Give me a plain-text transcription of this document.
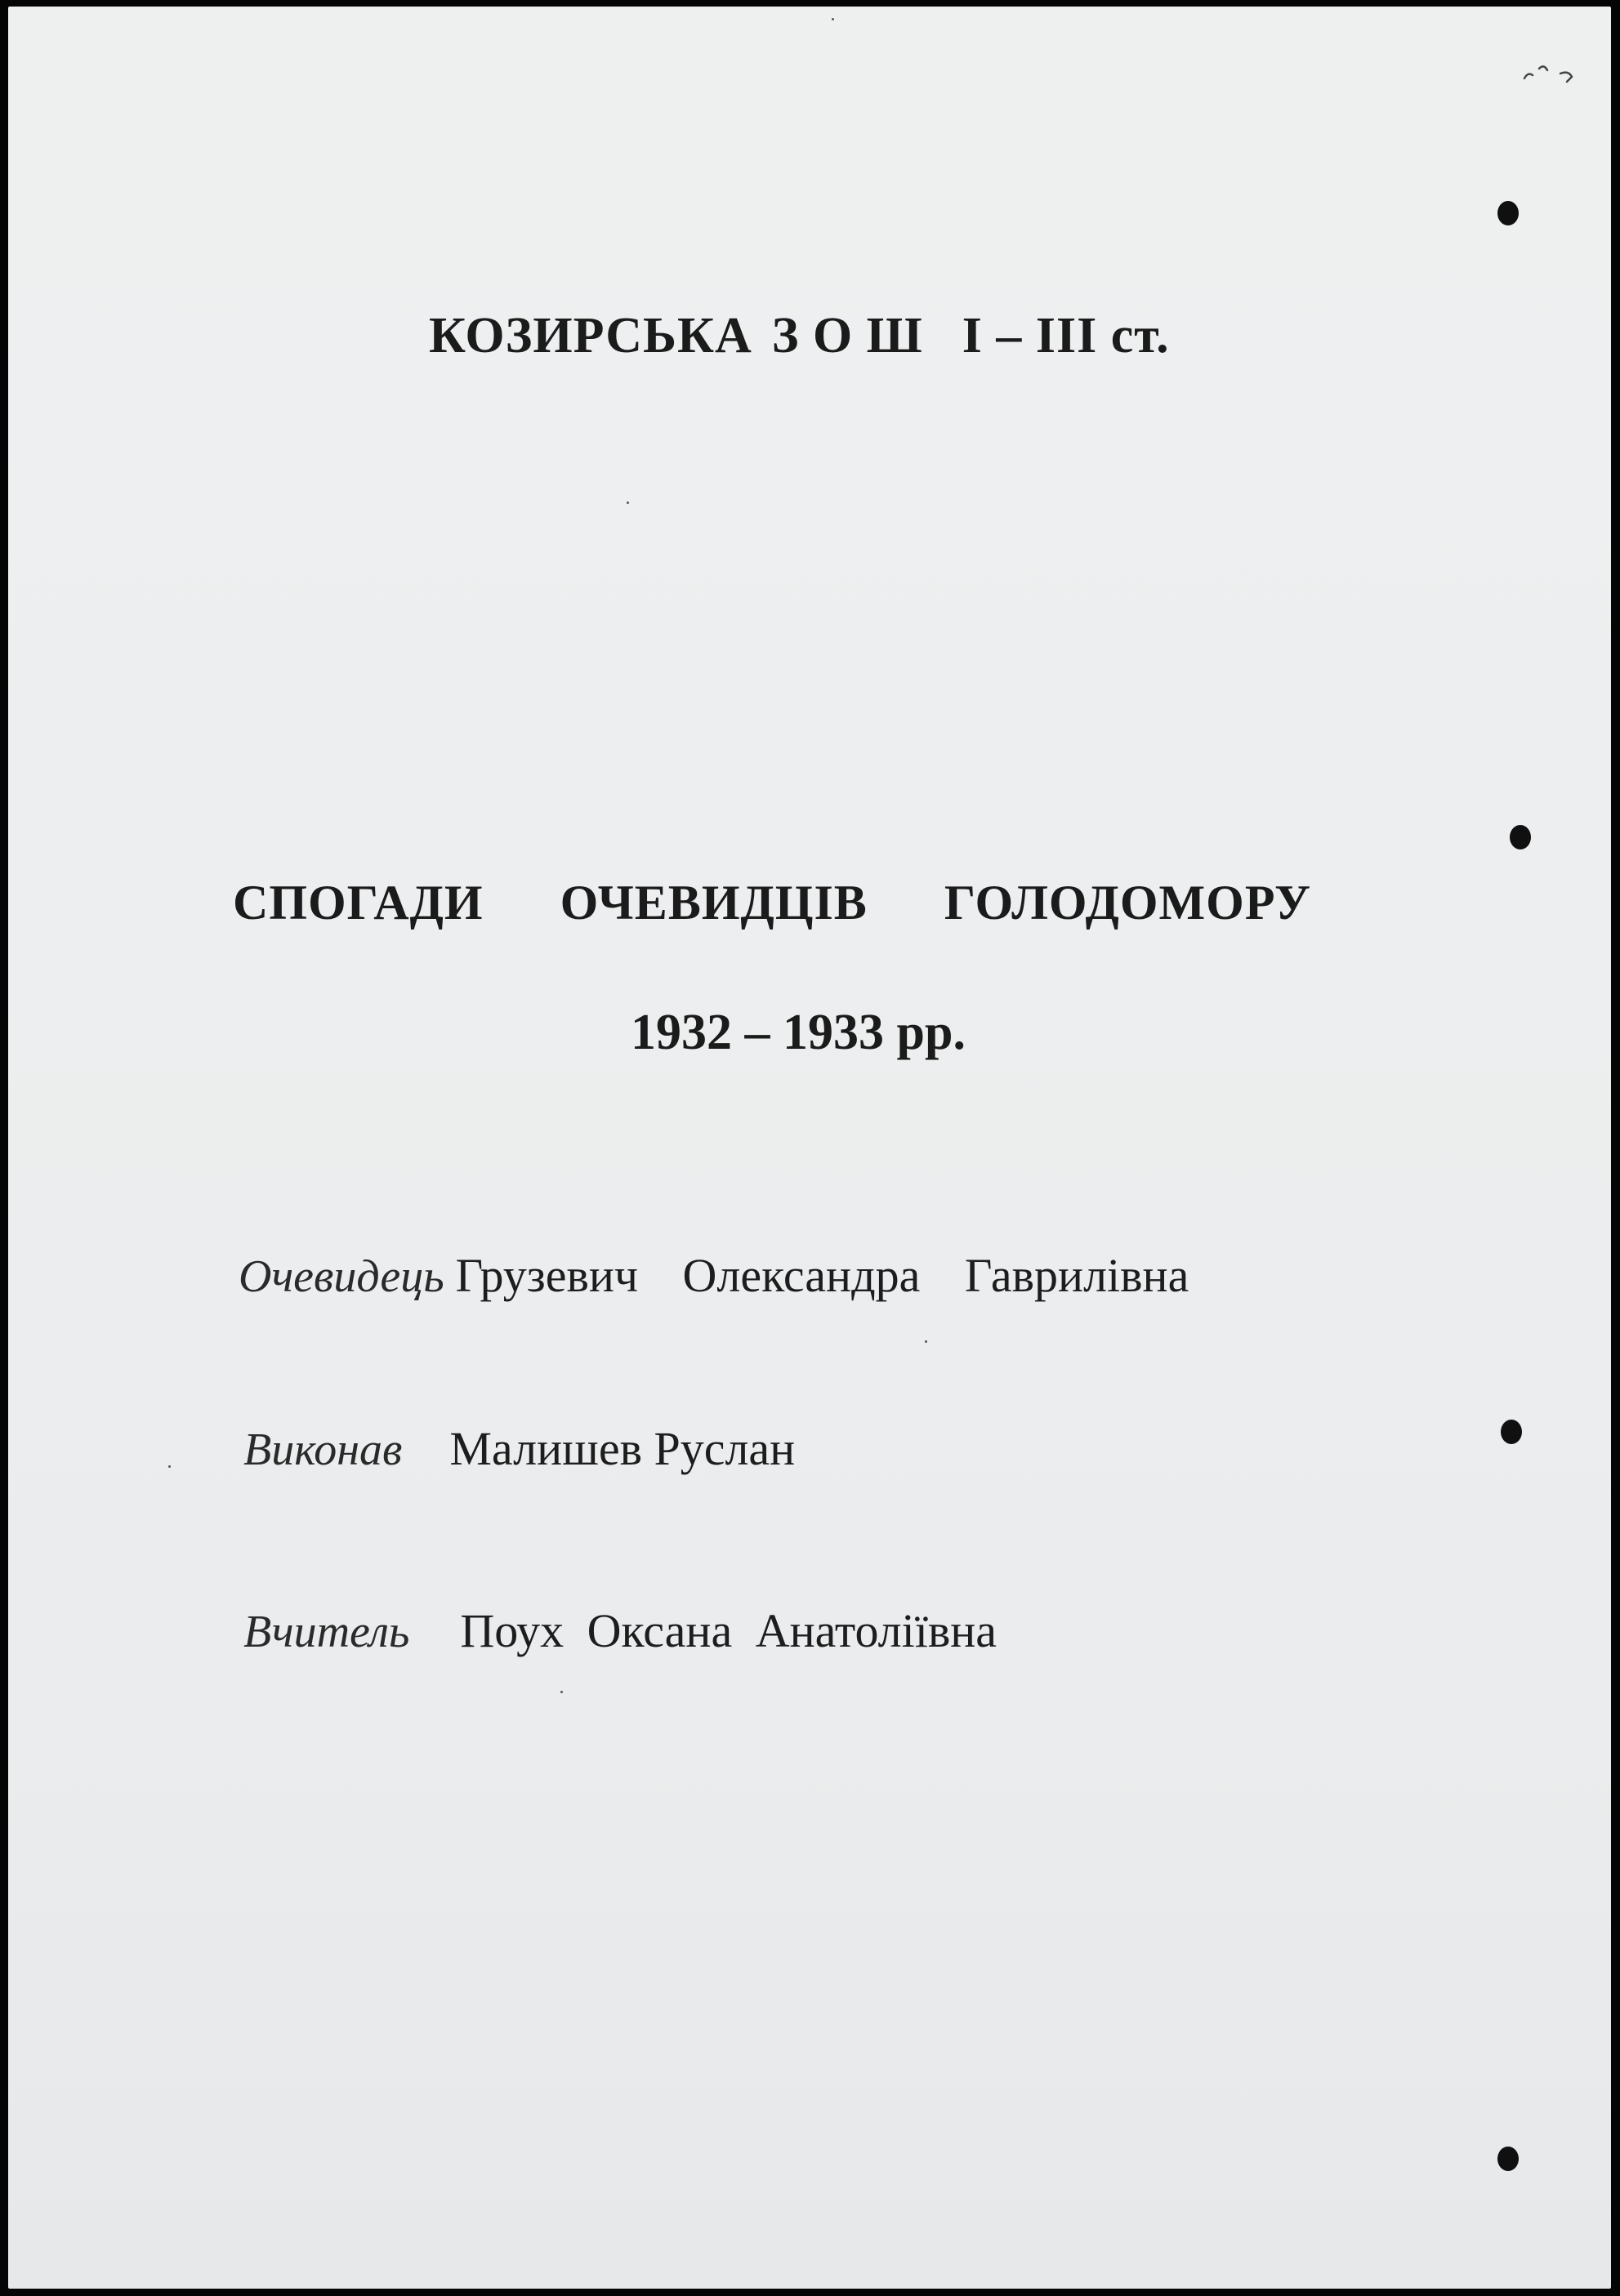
КОЗИРСЬКА З О Ш І – ІІІ ст.

СПОГАДИ ОЧЕВИДЦІВ ГОЛОДОМОРУ

1932 – 1933 рр.

Очевидець Грузевич Олександра Гаврилівна
Виконав Малишев Руслан
Вчитель Поух Оксана Анатоліївна
